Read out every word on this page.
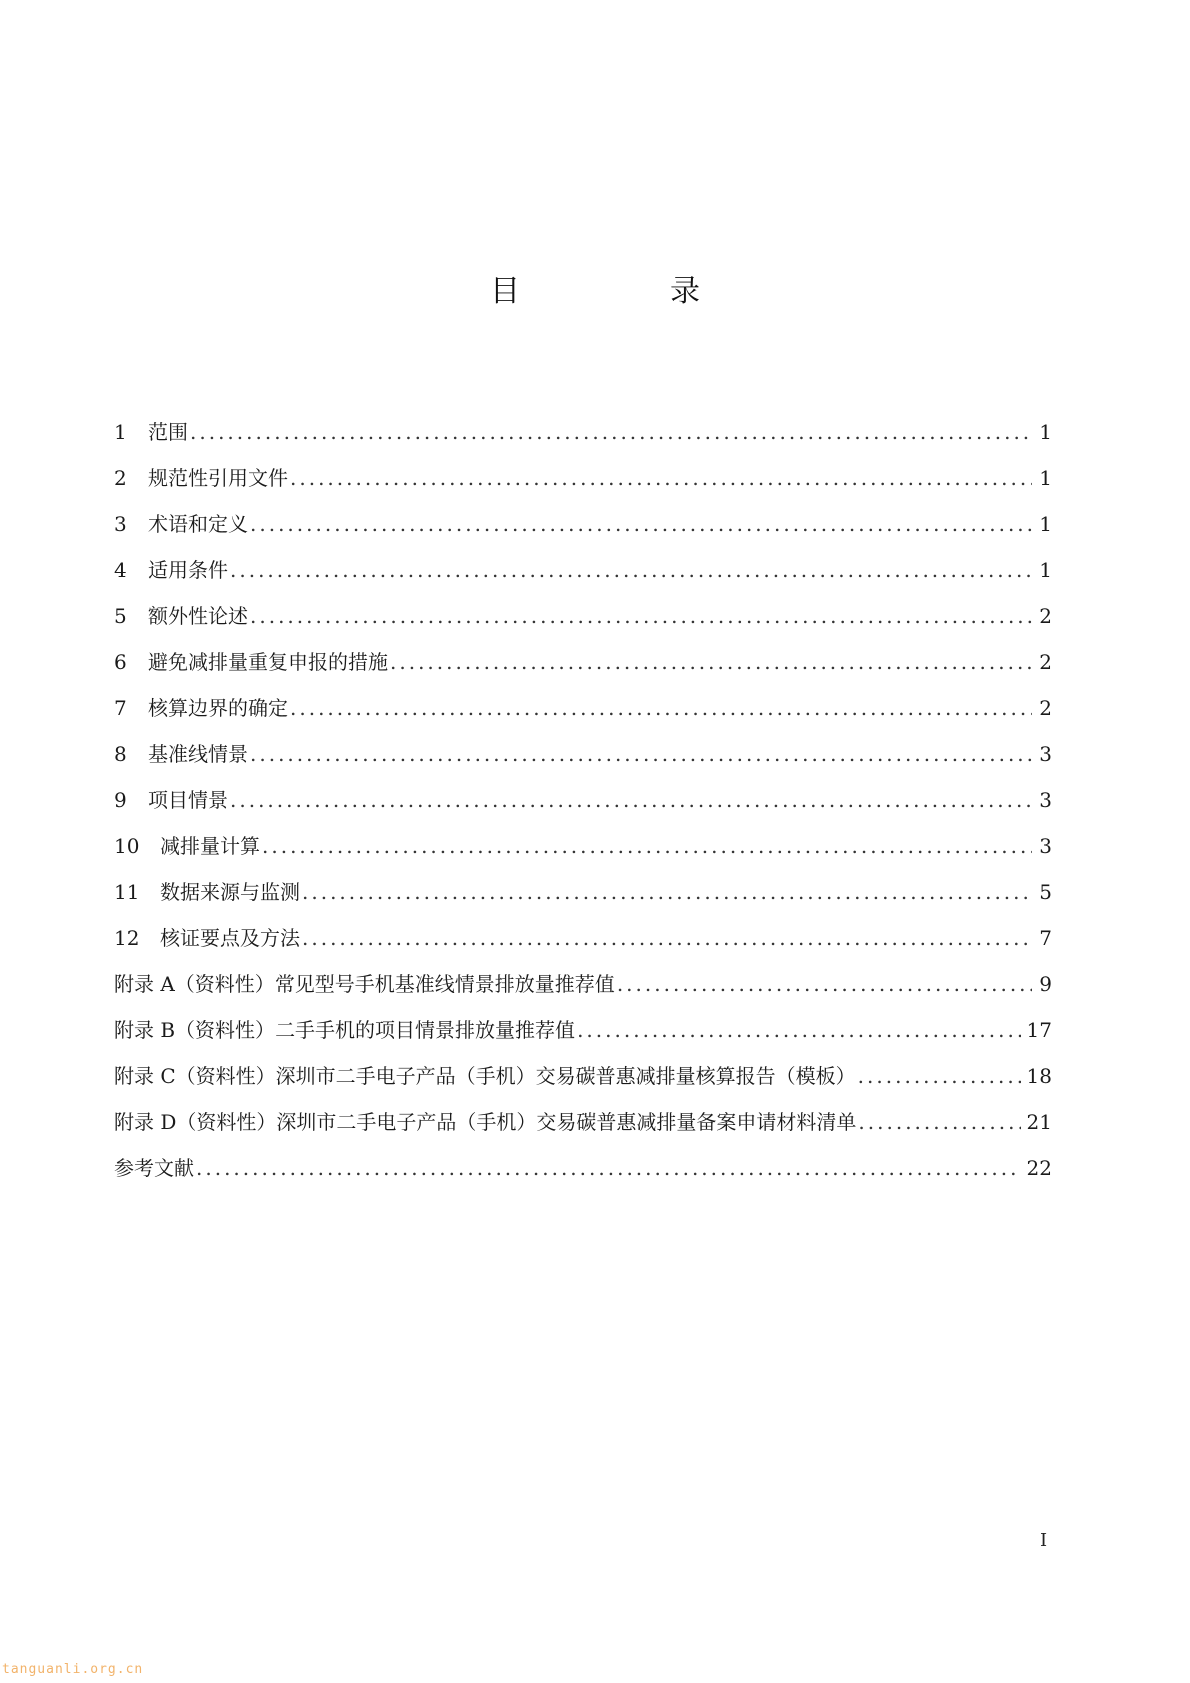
目　录
1	范围 .....	1
2	规范性引用文件 .....	1
3	术语和定义 .....	1
4	适用条件 .....	1
5	额外性论述 .....	2
6	避免减排量重复申报的措施 .....	2
7	核算边界的确定 .....	2
8	基准线情景 .....	3
9	项目情景 .....	3
10	减排量计算 .....	3
11	数据来源与监测 .....	5
12	核证要点及方法 .....	7
附录 A（资料性） 常见型号手机基准线情景排放量推荐值 .....	9
附录 B（资料性） 二手手机的项目情景排放量推荐值 .....	17
附录 C（资料性） 深圳市二手电子产品（手机）交易碳普惠减排量核算报告（模板） .....	18
附录 D（资料性） 深圳市二手电子产品（手机）交易碳普惠减排量备案申请材料清单 .....	21
参考文献 .....	22
I
tanguanli.org.cn
